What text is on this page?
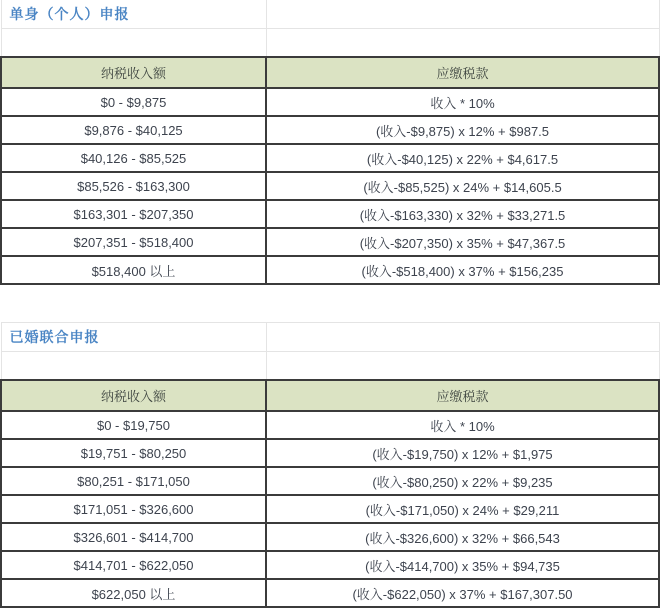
单身（个人）申报	

纳税收入额	应缴税款
$0 - $9,875	收入 * 10%
$9,876 - $40,125	(收入-$9,875) x 12% + $987.5
$40,126 - $85,525	(收入-$40,125) x 22% + $4,617.5
$85,526 - $163,300	(收入-$85,525) x 24% + $14,605.5
$163,301 - $207,350	(收入-$163,330) x 32% + $33,271.5
$207,351 - $518,400	(收入-$207,350) x 35% + $47,367.5
$518,400 以上	(收入-$518,400) x 37% + $156,235
已婚联合申报	

纳税收入额	应缴税款
$0 - $19,750	收入 * 10%
$19,751 - $80,250	(收入-$19,750) x 12% + $1,975
$80,251 - $171,050	(收入-$80,250) x 22% + $9,235
$171,051 - $326,600	(收入-$171,050) x 24% + $29,211
$326,601 - $414,700	(收入-$326,600) x 32% + $66,543
$414,701 - $622,050	(收入-$414,700) x 35% + $94,735
$622,050 以上	(收入-$622,050) x 37% + $167,307.50
